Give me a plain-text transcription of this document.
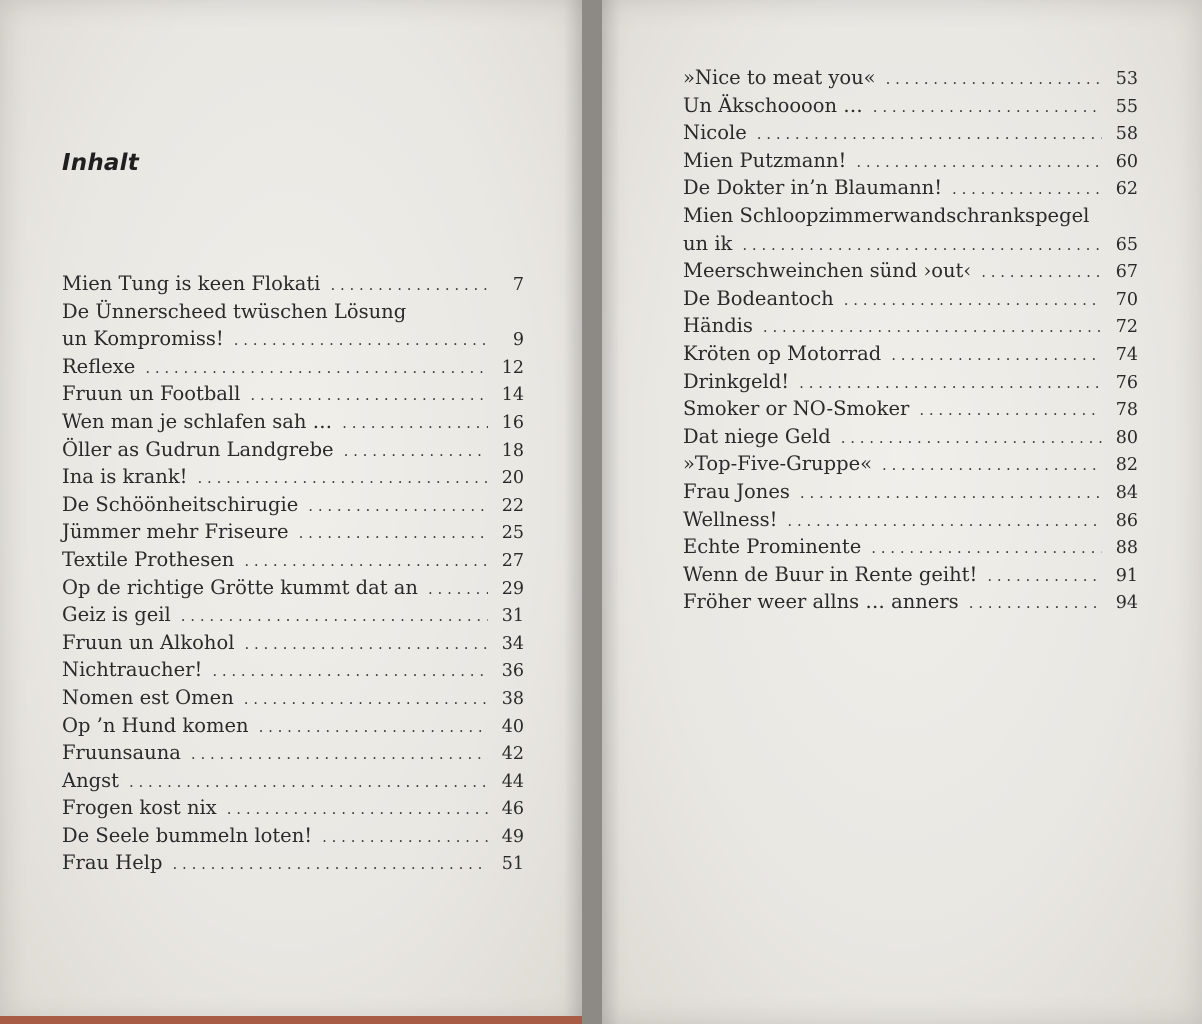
Inhalt
Mien Tung is keen Flokati . . .	7
De Ünnerscheed twüschen Lösung
un Kompromiss! . . .	9
Reflexe . . .	12
Fruun un Football . . .	14
Wen man je schlafen sah … . . .	16
Öller as Gudrun Landgrebe . . .	18
Ina is krank! . . .	20
De Schöönheitschirugie . . .	22
Jümmer mehr Friseure . . .	25
Textile Prothesen . . .	27
Op de richtige Grötte kummt dat an . . .	29
Geiz is geil . . .	31
Fruun un Alkohol . . .	34
Nichtraucher! . . .	36
Nomen est Omen . . .	38
Op ’n Hund komen . . .	40
Fruunsauna . . .	42
Angst . . .	44
Frogen kost nix . . .	46
De Seele bummeln loten! . . .	49
Frau Help . . .	51
»Nice to meat you« . . .	53
Un Äkschoooon … . . .	55
Nicole . . .	58
Mien Putzmann! . . .	60
De Dokter in’n Blaumann! . . .	62
Mien Schloopzimmerwandschrankspegel
un ik . . .	65
Meerschweinchen sünd ›out‹ . . .	67
De Bodeantoch . . .	70
Händis . . .	72
Kröten op Motorrad . . .	74
Drinkgeld! . . .	76
Smoker or NO-Smoker . . .	78
Dat niege Geld . . .	80
»Top-Five-Gruppe« . . .	82
Frau Jones . . .	84
Wellness! . . .	86
Echte Prominente . . .	88
Wenn de Buur in Rente geiht! . . .	91
Fröher weer allns … anners . . .	94
